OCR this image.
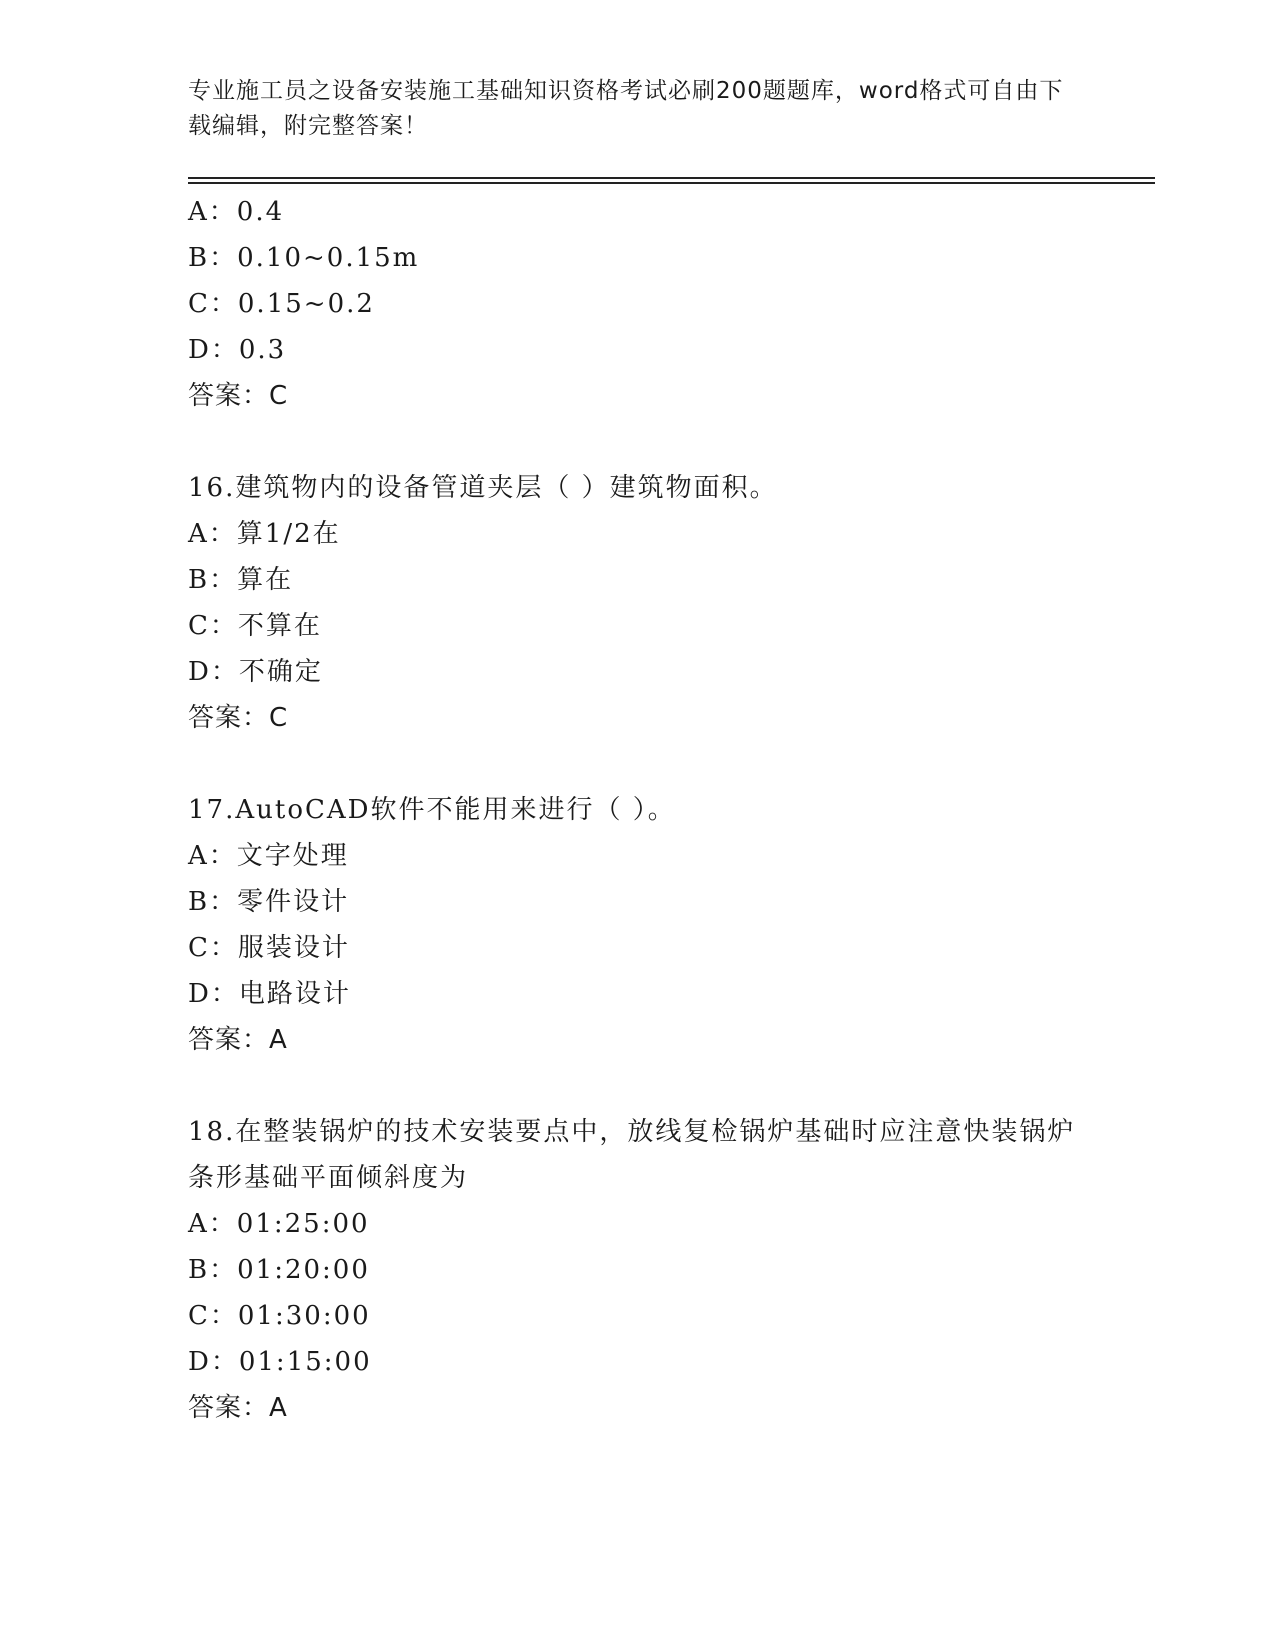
专业施工员之设备安装施工基础知识资格考试必刷200题题库，word格式可自由下载编辑，附完整答案！
A：0.4
B：0.10~0.15m
C：0.15~0.2
D：0.3
答案：C
16.建筑物内的设备管道夹层（ ）建筑物面积。
A：算1/2在
B：算在
C：不算在
D：不确定
答案：C
17.AutoCAD软件不能用来进行（ ）。
A：文字处理
B：零件设计
C：服装设计
D：电路设计
答案：A
18.在整装锅炉的技术安装要点中，放线复检锅炉基础时应注意快装锅炉条形基础平面倾斜度为
A：01:25:00
B：01:20:00
C：01:30:00
D：01:15:00
答案：A
